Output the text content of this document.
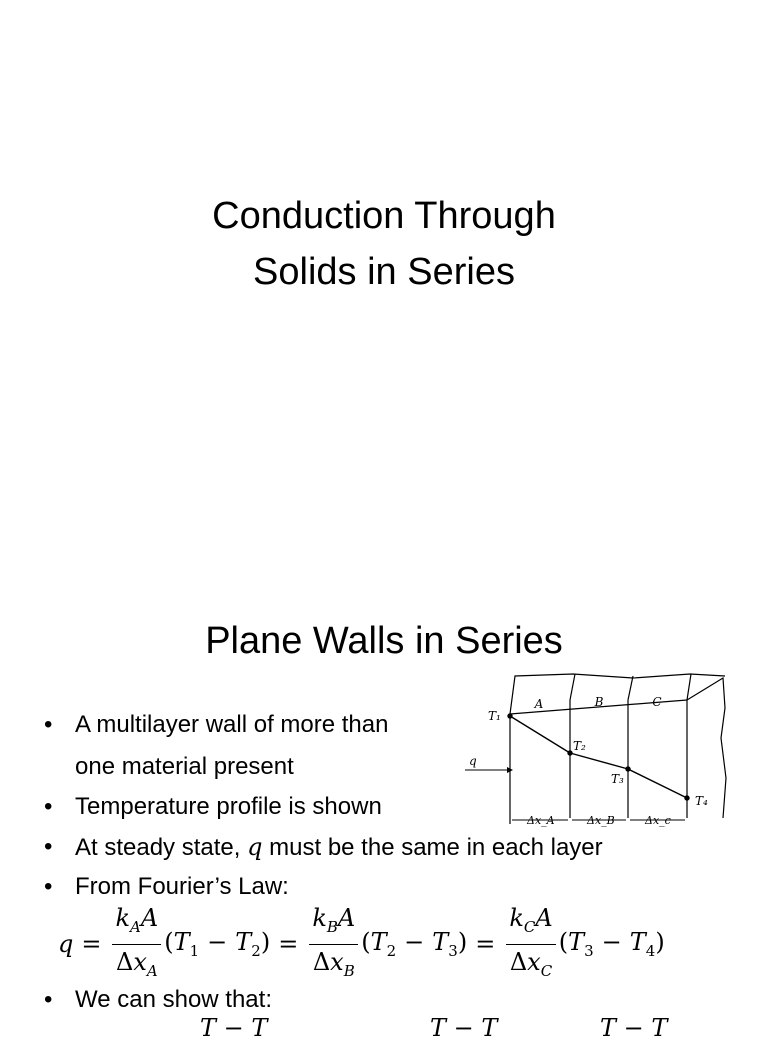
Conduction Through
Solids in Series
Plane Walls in Series
• A multilayer wall of more than
one material present
• Temperature profile is shown
• At steady state, q must be the same in each layer
• From Fourier’s Law:
• We can show that:
$q = \frac{k_AA}{\Delta x_A} (T_1 - T_2) = \frac{k_BA}{\Delta x_B} (T_2 - T_3) = \frac{k_CA}{\Delta x_C} (T_3 - T_4)$
T − T	T − T	T − T
A	B	C
T₁
T₂
T₃
T₄
q
Δx_A	Δx_B	Δx_c
